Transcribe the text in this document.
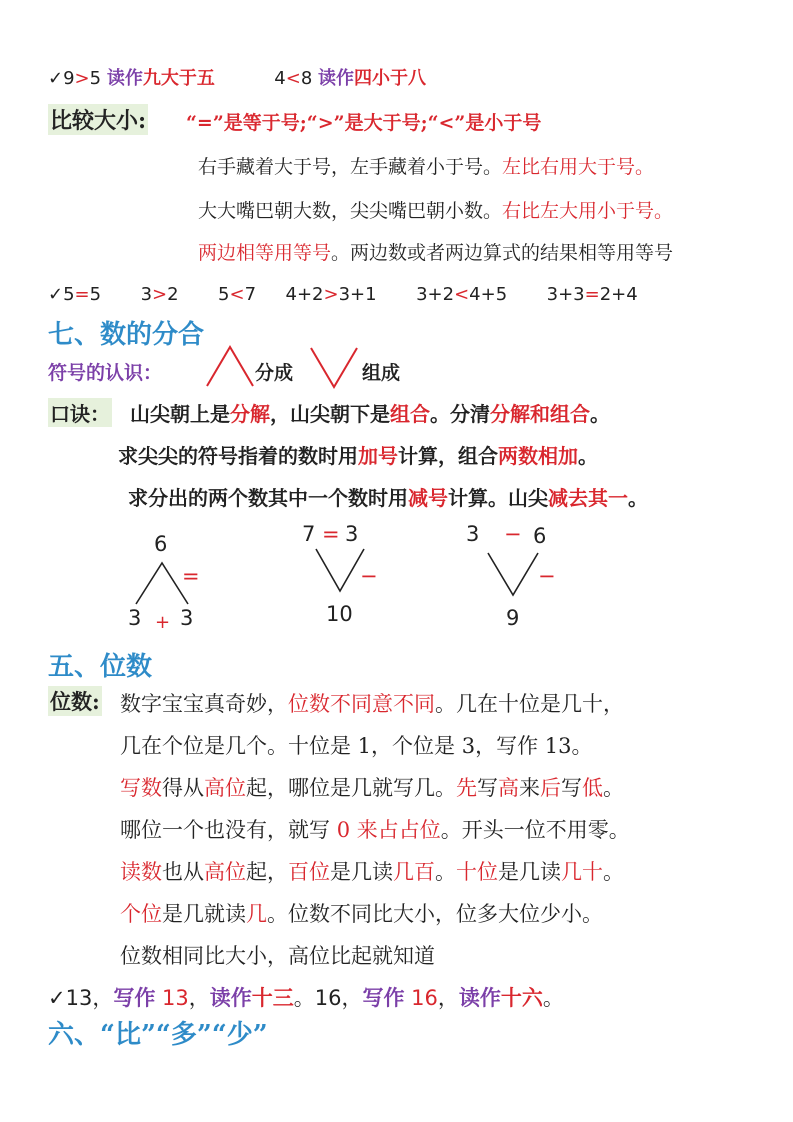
✓9>5 读作九大于五	4<8 读作四小于八
比较大小: “=”是等于号;“>”是大于号;“<”是小于号
右手藏着大于号，左手藏着小于号。左比右用大于号。
大大嘴巴朝大数，尖尖嘴巴朝小数。右比左大用小于号。
两边相等用等号。两边数或者两边算式的结果相等用等号
✓5=5 3>2 5<7 4+2>3+1 3+2<4+5 3+3=2+4
七、数的分合
符号的认识：	分成	组成
口诀： 山尖朝上是分解，山尖朝下是组合。分清分解和组合。
求尖尖的符号指着的数时用加号计算，组合两数相加。
求分出的两个数其中一个数时用减号计算。山尖减去其一。
6
=
3 + 3
7 = 3
−
10
3 − 6
−
9
五、位数
位数: 数字宝宝真奇妙，位数不同意不同。几在十位是几十，
几在个位是几个。十位是 1，个位是 3，写作 13。
写数得从高位起，哪位是几就写几。先写高来后写低。
哪位一个也没有，就写 0 来占占位。开头一位不用零。
读数也从高位起，百位是几读几百。十位是几读几十。
个位是几就读几。位数不同比大小，位多大位少小。
位数相同比大小，高位比起就知道
✓13，写作 13，读作十三。16，写作 16，读作十六。
六、“比”“多”“少”
